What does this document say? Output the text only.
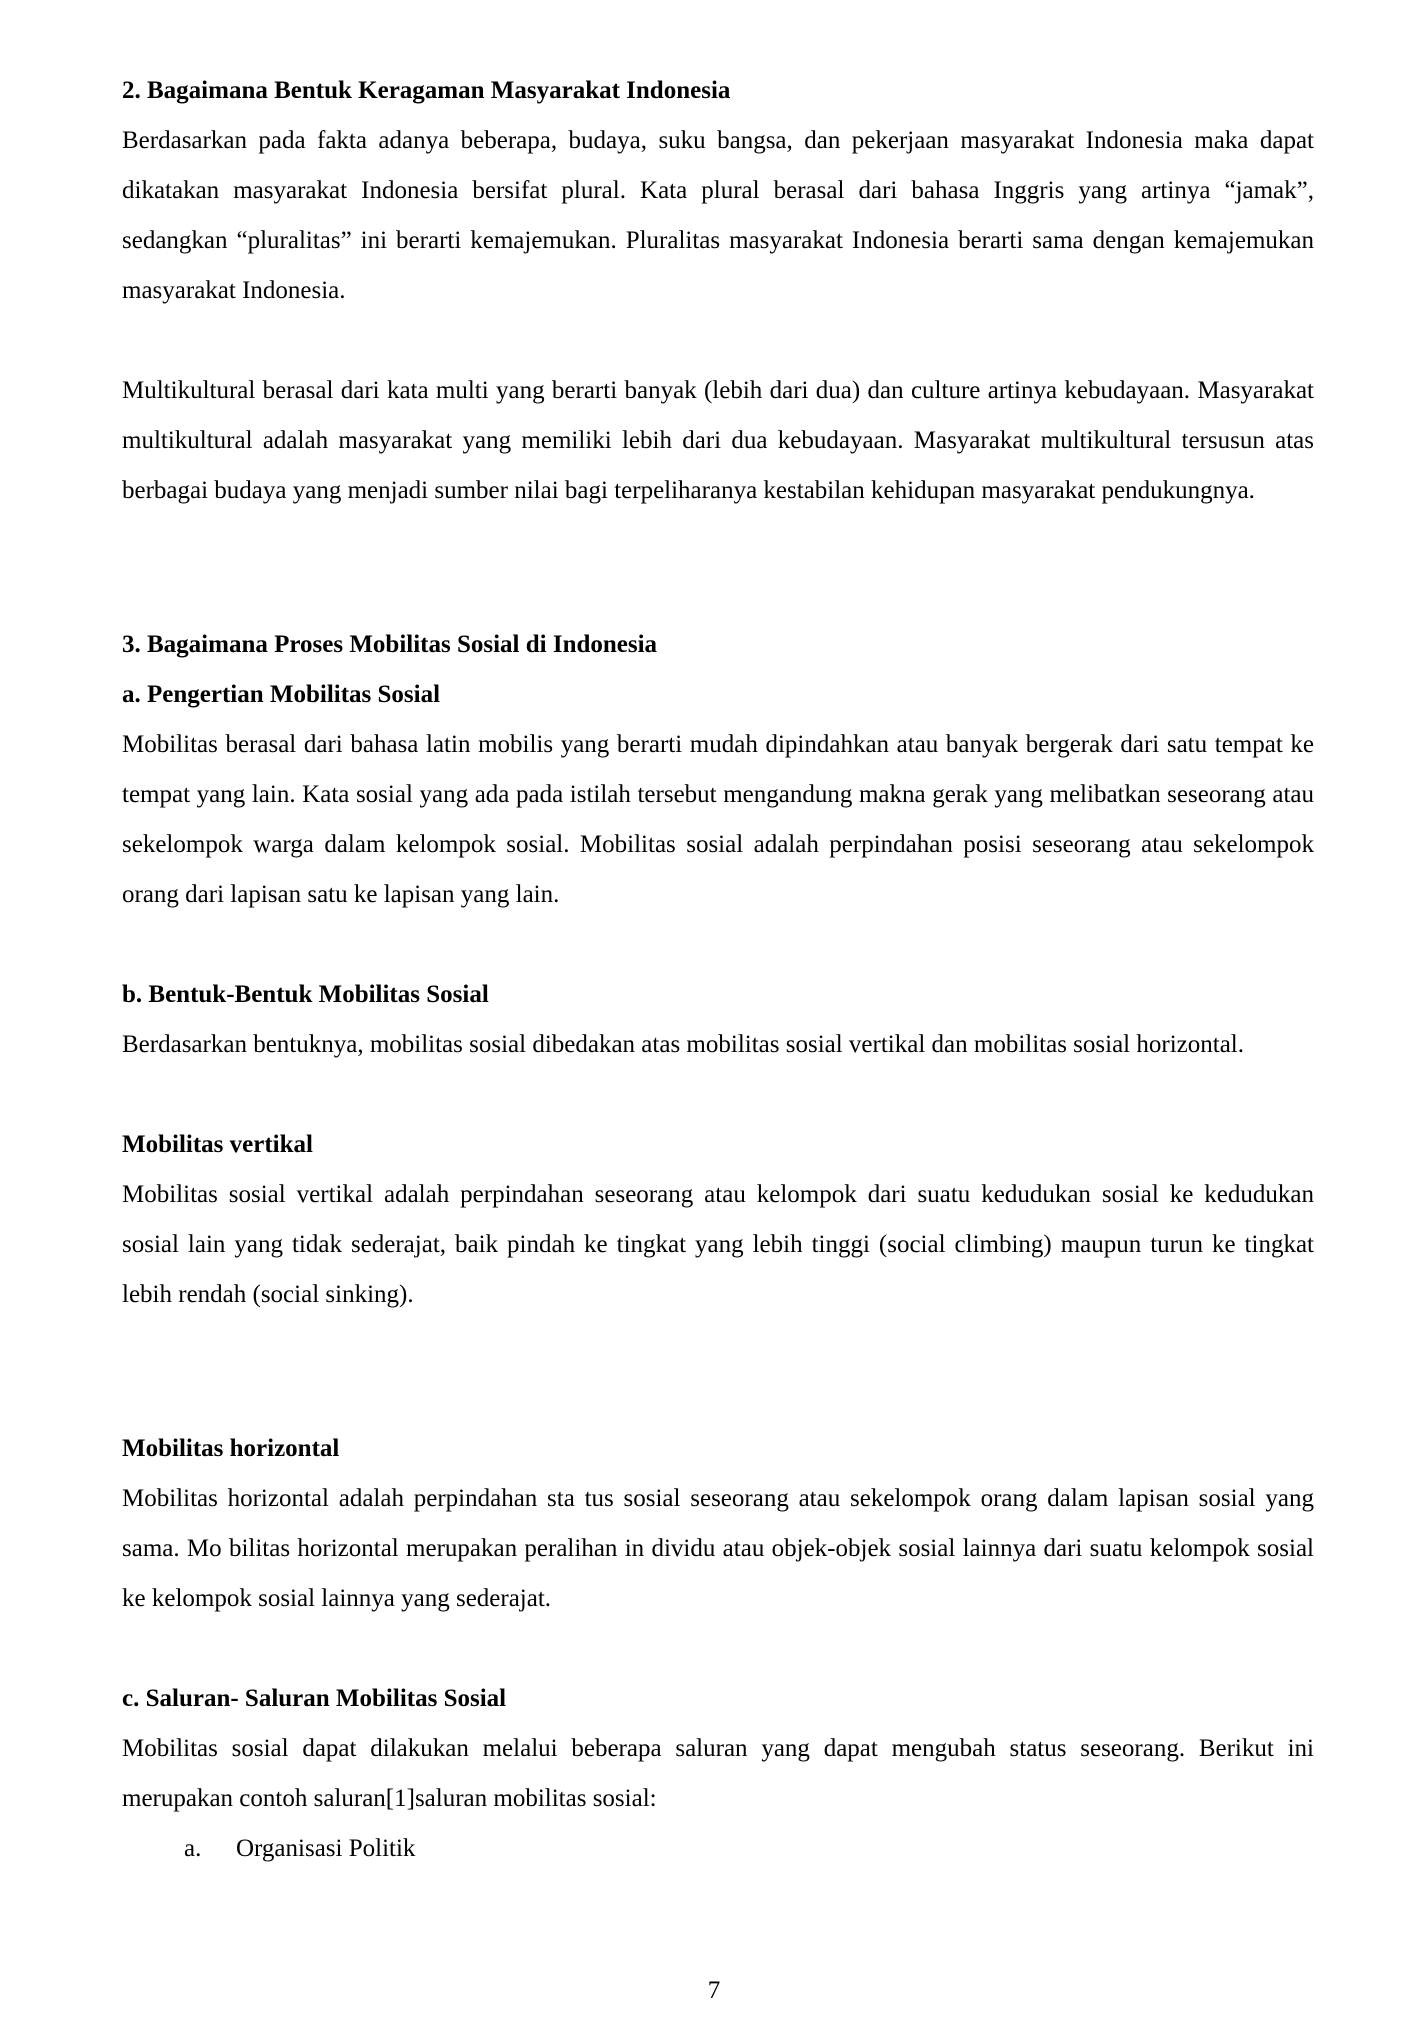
2. Bagaimana Bentuk Keragaman Masyarakat Indonesia

Berdasarkan pada fakta adanya beberapa, budaya, suku bangsa, dan pekerjaan masyarakat Indonesia maka dapat dikatakan masyarakat Indonesia bersifat plural. Kata plural berasal dari bahasa Inggris yang artinya “jamak”, sedangkan “pluralitas” ini berarti kemajemukan. Pluralitas masyarakat Indonesia berarti sama dengan kemajemukan masyarakat Indonesia.

Multikultural berasal dari kata multi yang berarti banyak (lebih dari dua) dan culture artinya kebudayaan. Masyarakat multikultural adalah masyarakat yang memiliki lebih dari dua kebudayaan. Masyarakat multikultural tersusun atas berbagai budaya yang menjadi sumber nilai bagi terpeliharanya kestabilan kehidupan masyarakat pendukungnya.

3. Bagaimana Proses Mobilitas Sosial di Indonesia
a. Pengertian Mobilitas Sosial

Mobilitas berasal dari bahasa latin mobilis yang berarti mudah dipindahkan atau banyak bergerak dari satu tempat ke tempat yang lain. Kata sosial yang ada pada istilah tersebut mengandung makna gerak yang melibatkan seseorang atau sekelompok warga dalam kelompok sosial. Mobilitas sosial adalah perpindahan posisi seseorang atau sekelompok orang dari lapisan satu ke lapisan yang lain.

b. Bentuk-Bentuk Mobilitas Sosial

Berdasarkan bentuknya, mobilitas sosial dibedakan atas mobilitas sosial vertikal dan mobilitas sosial horizontal.

Mobilitas vertikal

Mobilitas sosial vertikal adalah perpindahan seseorang atau kelompok dari suatu kedudukan sosial ke kedudukan sosial lain yang tidak sederajat, baik pindah ke tingkat yang lebih tinggi (social climbing) maupun turun ke tingkat lebih rendah (social sinking).

Mobilitas horizontal

Mobilitas horizontal adalah perpindahan sta tus sosial seseorang atau sekelompok orang dalam lapisan sosial yang sama. Mo bilitas horizontal merupakan peralihan in dividu atau objek-objek sosial lainnya dari suatu kelompok sosial ke kelompok sosial lainnya yang sederajat.

c. Saluran- Saluran Mobilitas Sosial

Mobilitas sosial dapat dilakukan melalui beberapa saluran yang dapat mengubah status seseorang. Berikut ini merupakan contoh saluran[1]saluran mobilitas sosial:

a.	Organisasi Politik
7
